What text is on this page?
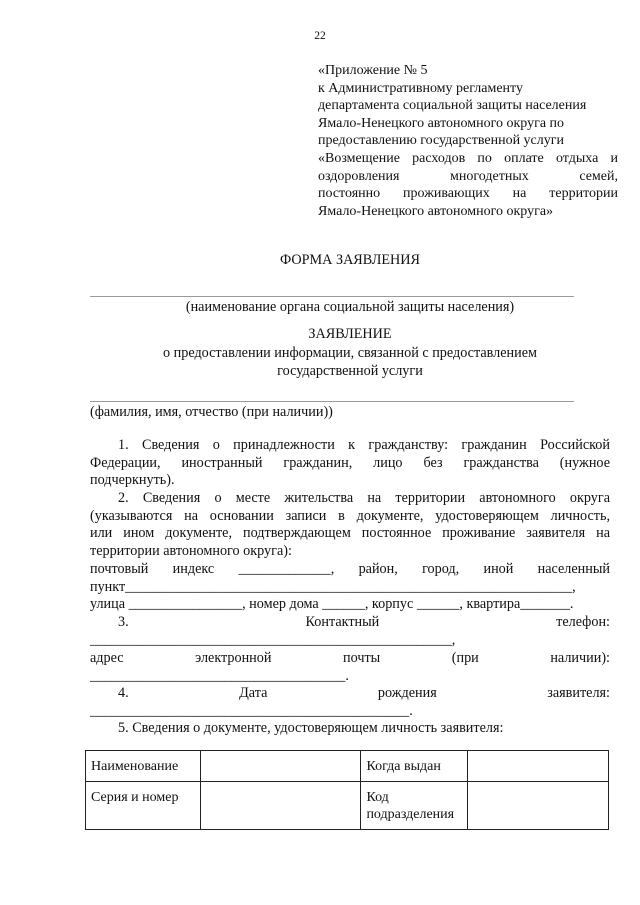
22
«Приложение № 5
к Административному регламенту
департамента социальной защиты населения
Ямало-Ненецкого автономного округа по
предоставлению государственной услуги
«Возмещение расходов по оплате отдыха и
оздоровления многодетных семей,
постоянно проживающих на территории
Ямало-Ненецкого автономного округа»
ФОРМА ЗАЯВЛЕНИЯ
(наименование органа социальной защиты населения)
ЗАЯВЛЕНИЕ
о предоставлении информации, связанной с предоставлением
государственной услуги
(фамилия, имя, отчество (при наличии))
1. Сведения о принадлежности к гражданству: гражданин Российской
Федерации, иностранный гражданин, лицо без гражданства (нужное
подчеркнуть).
2. Сведения о месте жительства на территории автономного округа
(указываются на основании записи в документе, удостоверяющем личность,
или ином документе, подтверждающем постоянное проживание заявителя на
территории автономного округа):
почтовый индекс _____________, район, город, иной населенный
пункт_______________________________________________________________,
улица ________________, номер дома ______, корпус ______, квартира_______.
3. Контактный телефон:
___________________________________________________,
адрес электронной почты (при наличии):
____________________________________.
4. Дата рождения заявителя:
_____________________________________________.
5. Сведения о документе, удостоверяющем личность заявителя:
Наименование		Когда выдан	
Серия и номер		Код
подразделения	
